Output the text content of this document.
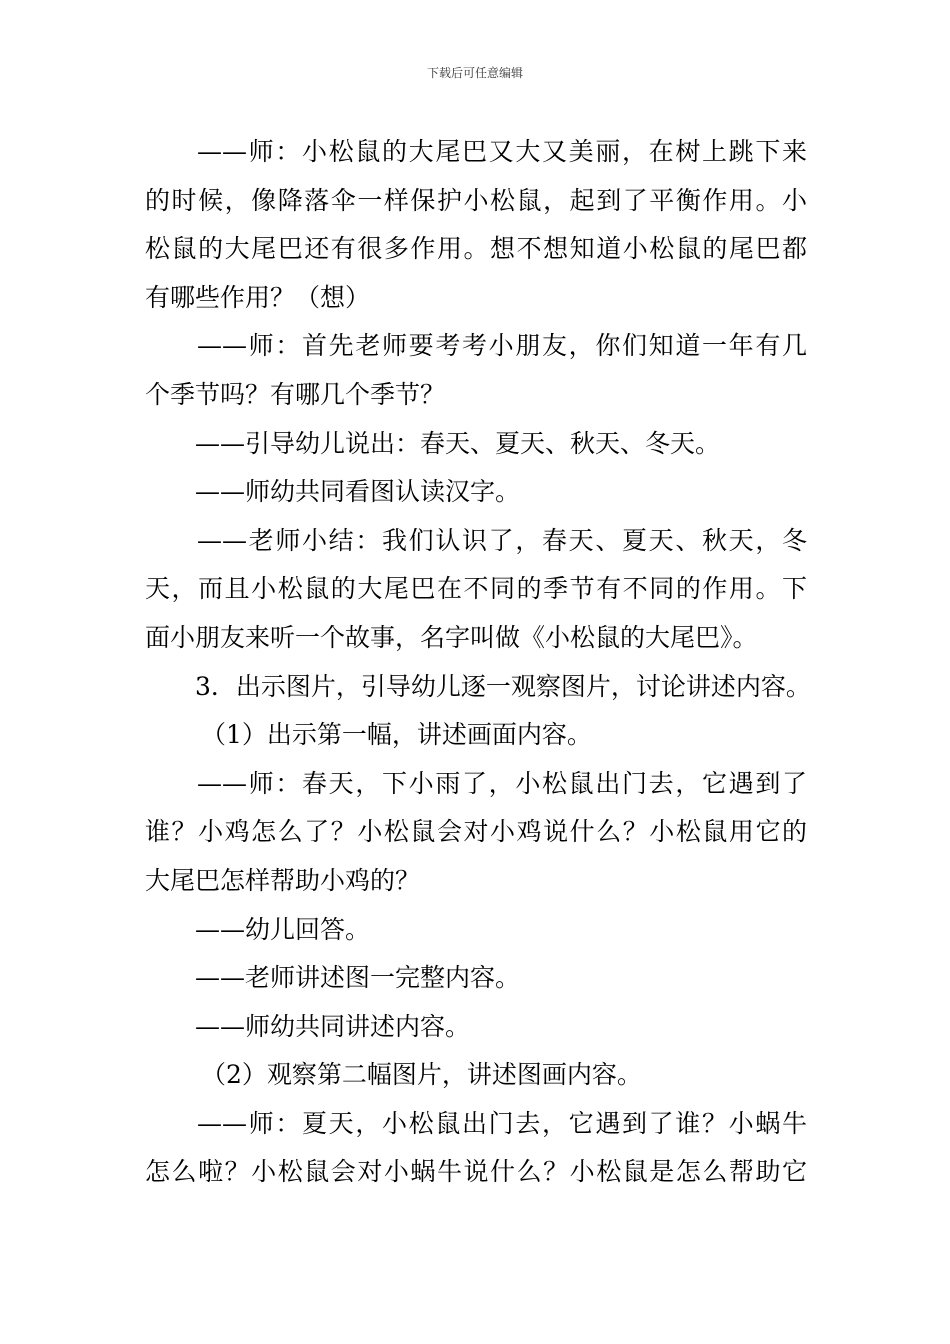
下载后可任意编辑
——师：小松鼠的大尾巴又大又美丽，在树上跳下来
的时候，像降落伞一样保护小松鼠，起到了平衡作用。小
松鼠的大尾巴还有很多作用。想不想知道小松鼠的尾巴都
有哪些作用？（想）
——师：首先老师要考考小朋友，你们知道一年有几
个季节吗？有哪几个季节？
——引导幼儿说出：春天、夏天、秋天、冬天。
——师幼共同看图认读汉字。
——老师小结：我们认识了，春天、夏天、秋天，冬
天，而且小松鼠的大尾巴在不同的季节有不同的作用。下
面小朋友来听一个故事，名字叫做《小松鼠的大尾巴》。
3．出示图片，引导幼儿逐一观察图片，讨论讲述内容。
（1）出示第一幅，讲述画面内容。
——师：春天，下小雨了，小松鼠出门去，它遇到了
谁？小鸡怎么了？小松鼠会对小鸡说什么？小松鼠用它的
大尾巴怎样帮助小鸡的？
——幼儿回答。
——老师讲述图一完整内容。
——师幼共同讲述内容。
（2）观察第二幅图片，讲述图画内容。
——师：夏天，小松鼠出门去，它遇到了谁？小蜗牛
怎么啦？小松鼠会对小蜗牛说什么？小松鼠是怎么帮助它
